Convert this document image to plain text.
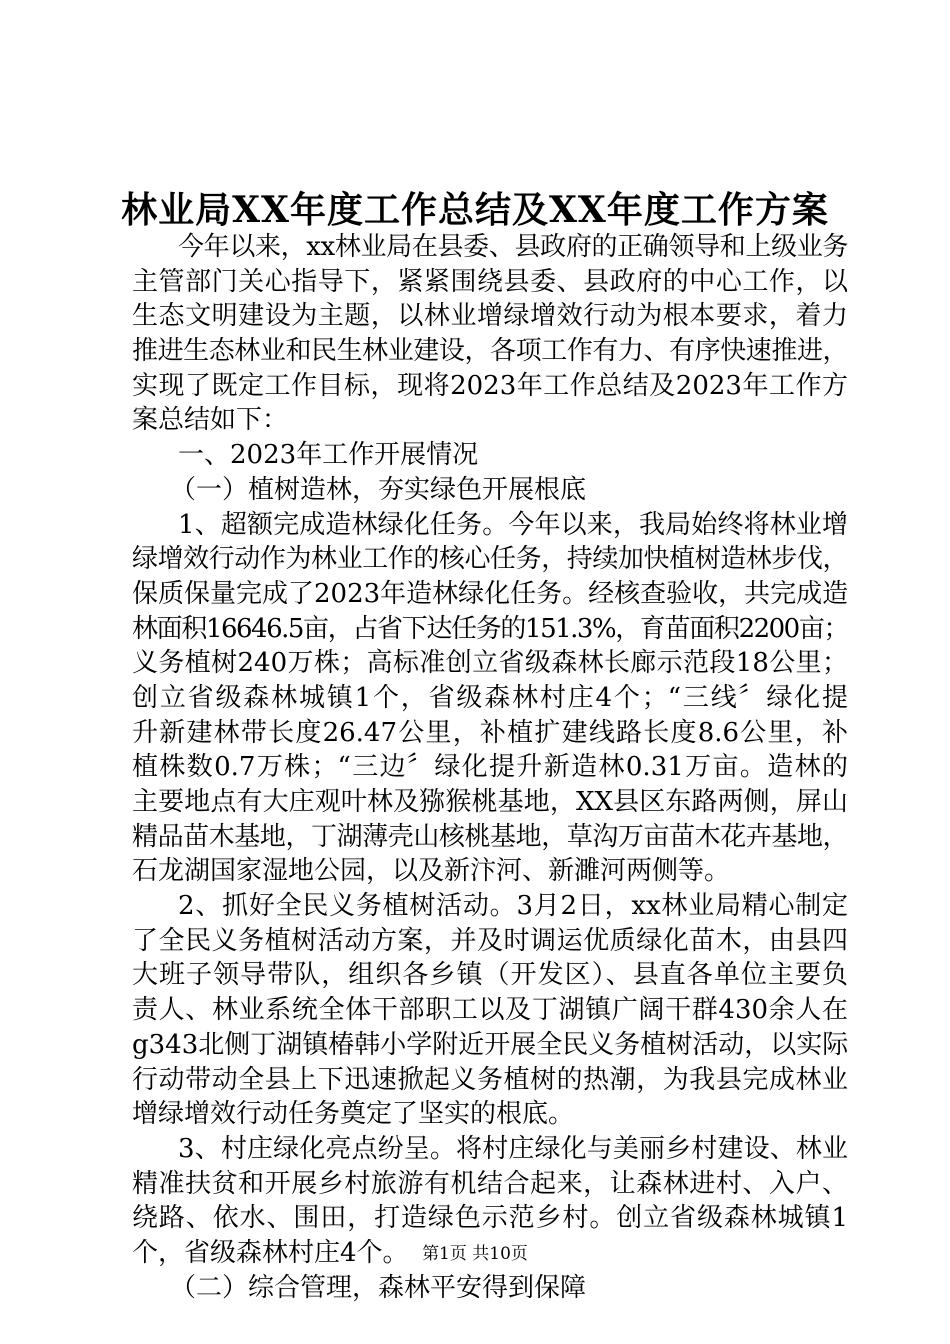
林业局XX年度工作总结及XX年度工作方案
今年以来，xx林业局在县委、县政府的正确领导和上级业务
主管部门关心指导下，紧紧围绕县委、县政府的中心工作，以
生态文明建设为主题，以林业增绿增效行动为根本要求，着力
推进生态林业和民生林业建设，各项工作有力、有序快速推进，
实现了既定工作目标，现将2023年工作总结及2023年工作方
案总结如下：
一、2023年工作开展情况
（一）植树造林，夯实绿色开展根底
1、超额完成造林绿化任务。今年以来，我局始终将林业增
绿增效行动作为林业工作的核心任务，持续加快植树造林步伐，
保质保量完成了2023年造林绿化任务。经核查验收，共完成造
林面积16646.5亩，占省下达任务的151.3%，育苗面积2200亩；
义务植树240万株；高标准创立省级森林长廊示范段18公里；
创立省级森林城镇1个，省级森林村庄4个；“三线〞绿化提
升新建林带长度26.47公里，补植扩建线路长度8.6公里，补
植株数0.7万株；“三边〞绿化提升新造林0.31万亩。造林的
主要地点有大庄观叶林及猕猴桃基地，XX县区东路两侧，屏山
精品苗木基地，丁湖薄壳山核桃基地，草沟万亩苗木花卉基地，
石龙湖国家湿地公园，以及新汴河、新濉河两侧等。
2、抓好全民义务植树活动。3月2日，xx林业局精心制定
了全民义务植树活动方案，并及时调运优质绿化苗木，由县四
大班子领导带队，组织各乡镇（开发区）、县直各单位主要负
责人、林业系统全体干部职工以及丁湖镇广阔干群430余人在
g343北侧丁湖镇椿韩小学附近开展全民义务植树活动，以实际
行动带动全县上下迅速掀起义务植树的热潮，为我县完成林业
增绿增效行动任务奠定了坚实的根底。
3、村庄绿化亮点纷呈。将村庄绿化与美丽乡村建设、林业
精准扶贫和开展乡村旅游有机结合起来，让森林进村、入户、
绕路、依水、围田，打造绿色示范乡村。创立省级森林城镇1
个，省级森林村庄4个。
（二）综合管理，森林平安得到保障
第1页 共10页
